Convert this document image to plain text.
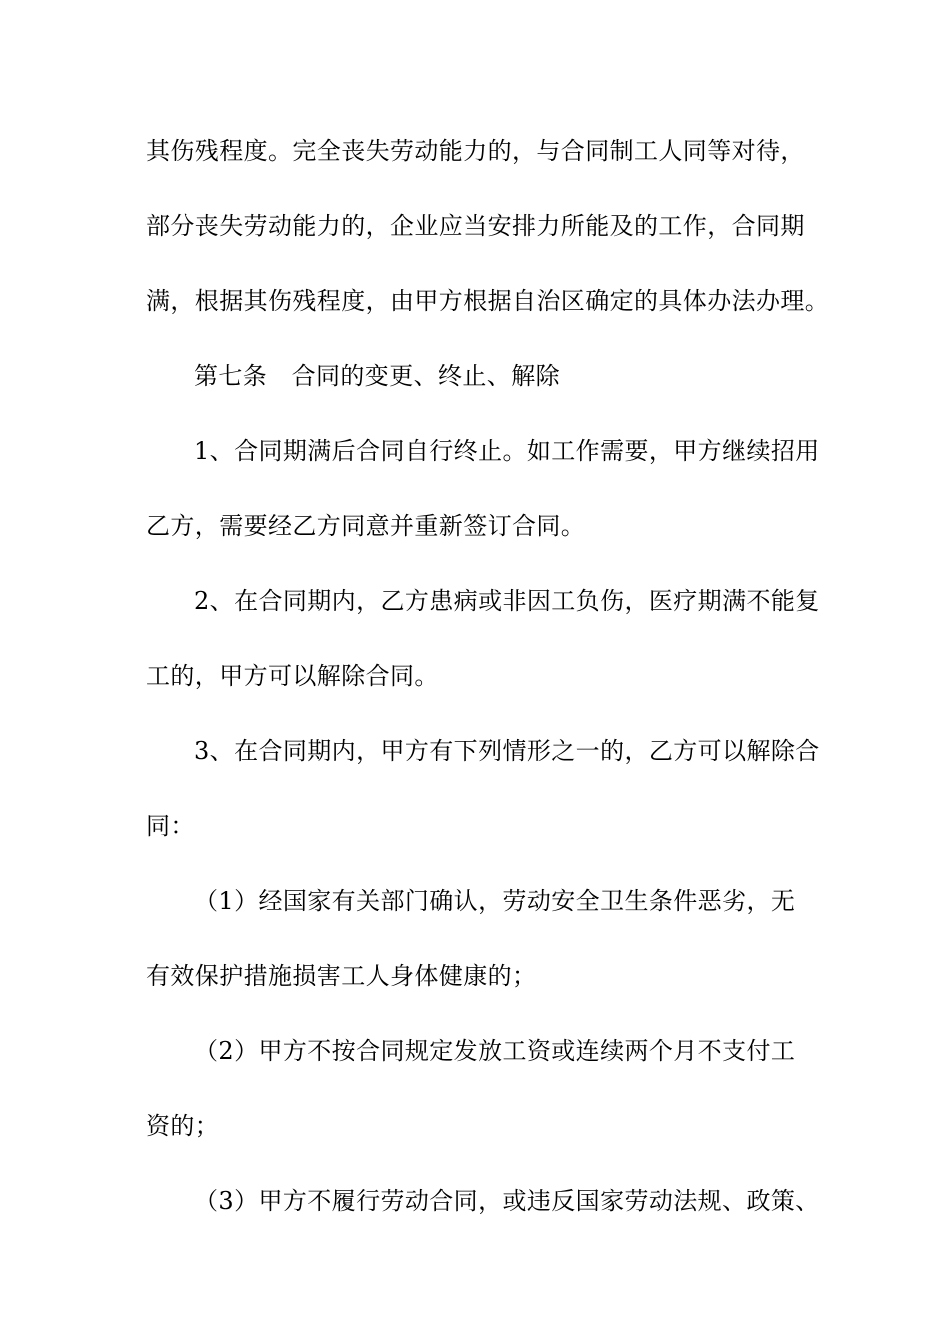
其伤残程度。完全丧失劳动能力的，与合同制工人同等对待，
部分丧失劳动能力的，企业应当安排力所能及的工作，合同期
满，根据其伤残程度，由甲方根据自治区确定的具体办法办理。
第七条　合同的变更、终止、解除
1、合同期满后合同自行终止。如工作需要，甲方继续招用
乙方，需要经乙方同意并重新签订合同。
2、在合同期内，乙方患病或非因工负伤，医疗期满不能复
工的，甲方可以解除合同。
3、在合同期内，甲方有下列情形之一的，乙方可以解除合
同：
（1）经国家有关部门确认，劳动安全卫生条件恶劣，无
有效保护措施损害工人身体健康的；
（2）甲方不按合同规定发放工资或连续两个月不支付工
资的；
（3）甲方不履行劳动合同，或违反国家劳动法规、政策、
